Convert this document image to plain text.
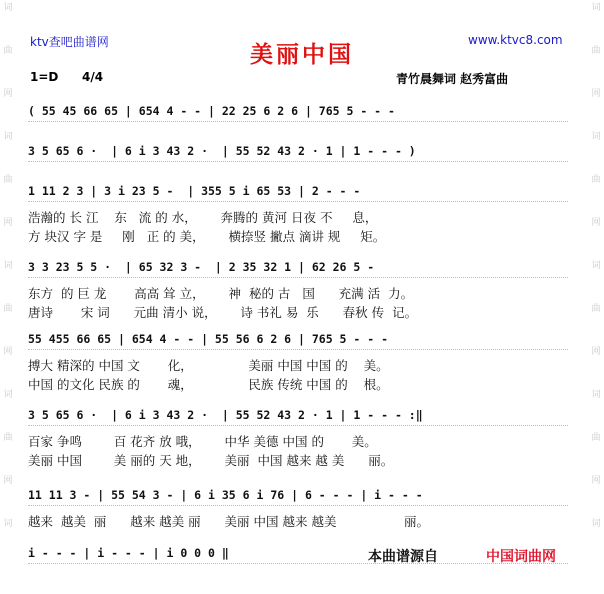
词
曲
网
词
曲
网
词
曲
网
词
曲
网
词
词
曲
网
词
曲
网
词
曲
网
词
曲
网
词
ktv查吧曲谱网	www.ktvc8.com
美丽中国
1=D 4/4	青竹晨舞词 赵秀富曲
( 55 45 66 65 | 654 4 - - | 22 25 6 2 6 | 765 5 - - -
3 5 65 6 ·  | 6 i 3 43 2 ·  | 55 52 43 2 · 1 | 1 - - - )
1 11 2 3 | 3 i 23 5 -  | 355 5 i 65 53 | 2 - - -
浩瀚的 长 江    东   流 的 水，      奔腾的 黄河 日夜 不     息，
方 块汉 字 是     刚   正 的 美，      横捺竖 撇点 滴讲 规     矩。
3 3 23 5 5 ·  | 65 32 3 -  | 2 35 32 1 | 62 26 5 -
东方  的 巨 龙       高高 耸 立，      神  秘的 古   国      充满 活  力。
唐诗       宋 词      元曲 清小 说，      诗 书礼 易  乐      春秋 传  记。
55 455 66 65 | 654 4 - - | 55 56 6 2 6 | 765 5 - - -
搏大 精深的 中国 文       化，              美丽 中国 中国 的    美。
中国 的文化 民族 的       魂，              民族 传统 中国 的    根。
3 5 65 6 ·  | 6 i 3 43 2 ·  | 55 52 43 2 · 1 | 1 - - - :‖
百家 争鸣        百 花齐 放 哦，      中华 美德 中国 的       美。
美丽 中国        美 丽的 天 地，      美丽  中国 越来 越 美      丽。
11 11 3 - | 55 54 3 - | 6 i 35 6 i 76 | 6 - - - | i - - -
越来  越美  丽      越来 越美 丽      美丽 中国 越来 越美                 丽。
i - - - | i - - - | i 0 0 0 ‖	本曲谱源自	中国词曲网
